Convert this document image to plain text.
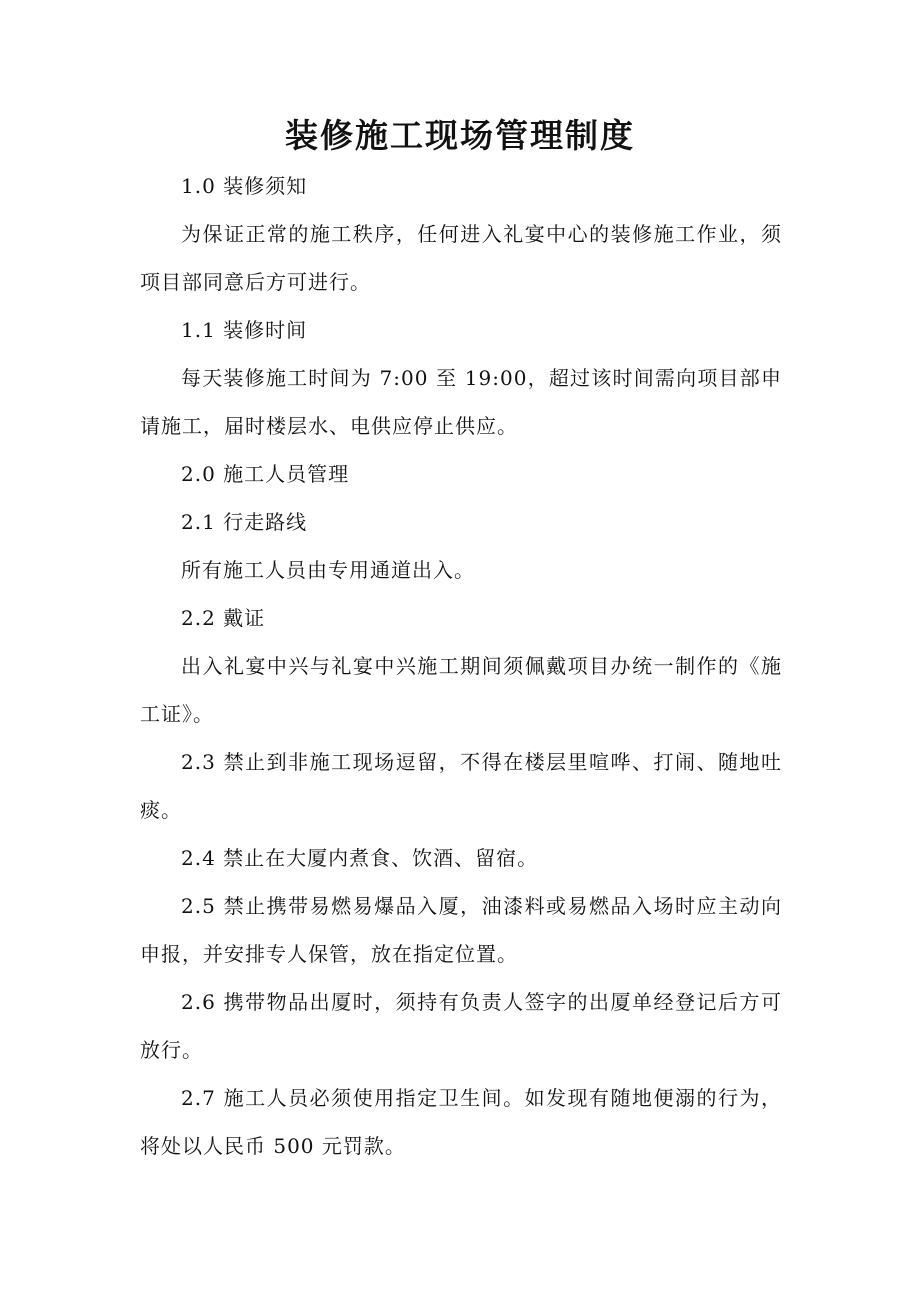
装修施工现场管理制度

1.0 装修须知

为保证正常的施工秩序，任何进入礼宴中心的装修施工作业，须项目部同意后方可进行。

1.1 装修时间

每天装修施工时间为 7:00 至 19:00，超过该时间需向项目部申请施工，届时楼层水、电供应停止供应。

2.0 施工人员管理

2.1 行走路线

所有施工人员由专用通道出入。

2.2 戴证

出入礼宴中兴与礼宴中兴施工期间须佩戴项目办统一制作的《施工证》。

2.3 禁止到非施工现场逗留，不得在楼层里喧哗、打闹、随地吐痰。

2.4 禁止在大厦内煮食、饮酒、留宿。

2.5 禁止携带易燃易爆品入厦，油漆料或易燃品入场时应主动向申报，并安排专人保管，放在指定位置。

2.6 携带物品出厦时，须持有负责人签字的出厦单经登记后方可放行。

2.7 施工人员必须使用指定卫生间。如发现有随地便溺的行为，将处以人民币 500 元罚款。
